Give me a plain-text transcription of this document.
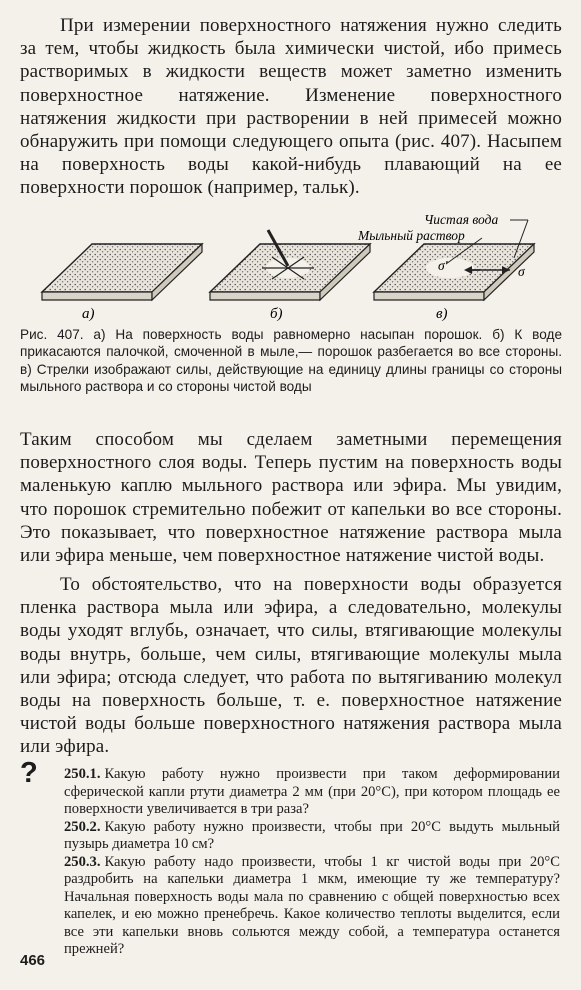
При измерении поверхностного натяжения нужно следить за тем, чтобы жидкость была химически чистой, ибо примесь растворимых в жидкости веществ может заметно изменить поверхностное натяжение. Изменение поверхностного натяжения жидкости при растворении в ней примесей можно обнаружить при помощи следующего опыта (рис. 407). Насыпем на поверхность воды какой-нибудь плавающий на ее поверхности порошок (например, тальк).

а)	б)
σ'	σ
Чистая вода
Мыльный раствор
в)

Рис. 407. а) На поверхность воды равномерно насыпан порошок. б) К воде прикасаются палочкой, смоченной в мыле,— порошок разбегается во все стороны. в) Стрелки изображают силы, действующие на единицу длины границы со стороны мыльного раствора и со стороны чистой воды

Таким способом мы сделаем заметными перемещения поверхностного слоя воды. Теперь пустим на поверхность воды маленькую каплю мыльного раствора или эфира. Мы увидим, что порошок стремительно побежит от капельки во все стороны. Это показывает, что поверхностное натяжение раствора мыла или эфира меньше, чем поверхностное натяжение чистой воды.

То обстоятельство, что на поверхности воды образуется пленка раствора мыла или эфира, а следовательно, молекулы воды уходят вглубь, означает, что силы, втягивающие молекулы воды внутрь, больше, чем силы, втягивающие молекулы мыла или эфира; отсюда следует, что работа по вытягиванию молекул воды на поверхность больше, т. е. поверхностное натяжение чистой воды больше поверхностного натяжения раствора мыла или эфира.

? 250.1. Какую работу нужно произвести при таком деформировании сферической капли ртути диаметра 2 мм (при 20°С), при котором площадь ее поверхности увеличивается в три раза?

250.2. Какую работу нужно произвести, чтобы при 20°С выдуть мыльный пузырь диаметра 10 см?

250.3. Какую работу надо произвести, чтобы 1 кг чистой воды при 20°С раздробить на капельки диаметра 1 мкм, имеющие ту же температуру? Начальная поверхность воды мала по сравнению с общей поверхностью всех капелек, и ею можно пренебречь. Какое количество теплоты выделится, если все эти капельки вновь сольются между собой, а температура останется прежней?

466
